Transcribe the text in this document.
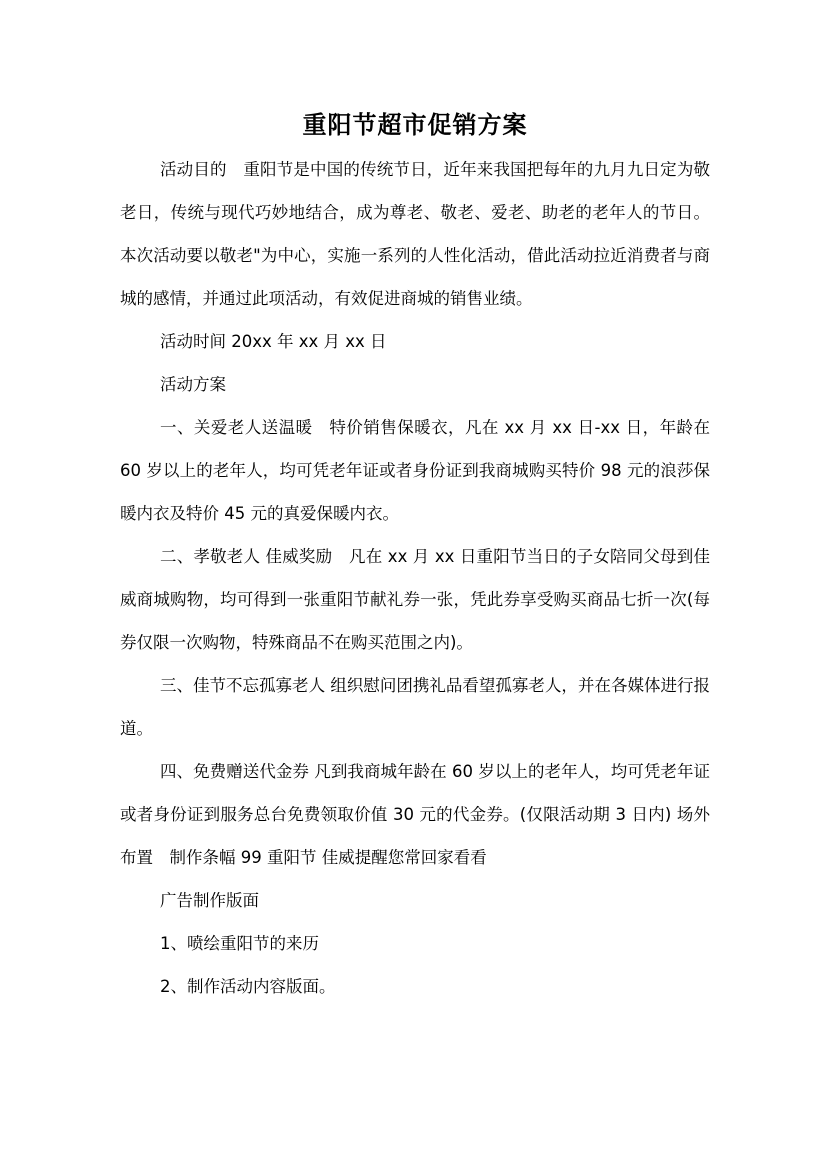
重阳节超市促销方案

活动目的　重阳节是中国的传统节日，近年来我国把每年的九月九日定为敬老日，传统与现代巧妙地结合，成为尊老、敬老、爱老、助老的老年人的节日。本次活动要以敬老"为中心，实施一系列的人性化活动，借此活动拉近消费者与商城的感情，并通过此项活动，有效促进商城的销售业绩。

活动时间 20xx 年 xx 月 xx 日

活动方案

一、关爱老人送温暖　特价销售保暖衣，凡在 xx 月 xx 日-xx 日，年龄在 60 岁以上的老年人，均可凭老年证或者身份证到我商城购买特价 98 元的浪莎保暖内衣及特价 45 元的真爱保暖内衣。

二、孝敬老人 佳威奖励　凡在 xx 月 xx 日重阳节当日的子女陪同父母到佳威商城购物，均可得到一张重阳节献礼券一张，凭此券享受购买商品七折一次(每券仅限一次购物，特殊商品不在购买范围之内)。

三、佳节不忘孤寡老人 组织慰问团携礼品看望孤寡老人，并在各媒体进行报道。

四、免费赠送代金券 凡到我商城年龄在 60 岁以上的老年人，均可凭老年证或者身份证到服务总台免费领取价值 30 元的代金券。(仅限活动期 3 日内) 场外布置　制作条幅 99 重阳节 佳威提醒您常回家看看

广告制作版面

1、喷绘重阳节的来历

2、制作活动内容版面。
